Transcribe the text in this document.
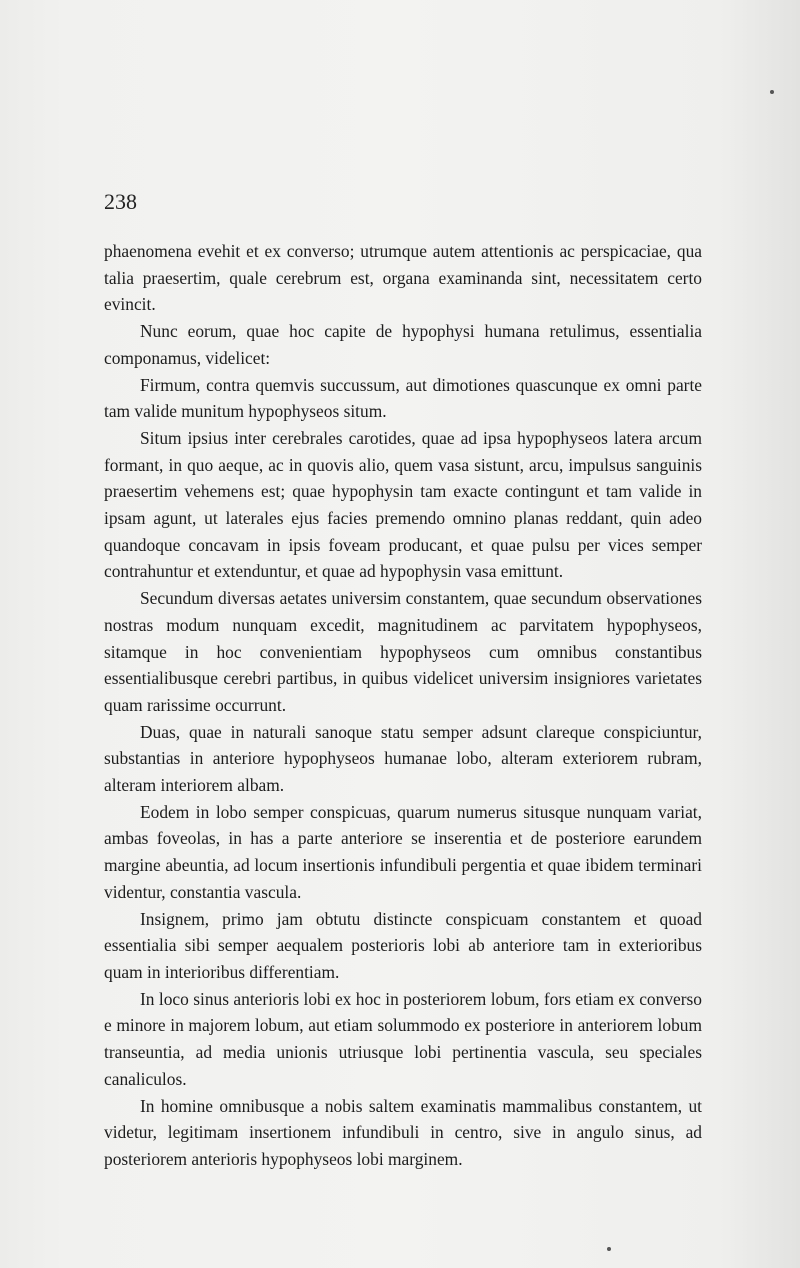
238

phaenomena evehit et ex converso; utrumque autem attentionis ac perspicaciae, qua talia praesertim, quale cerebrum est, organa examinanda sint, necessitatem certo evincit.

Nunc eorum, quae hoc capite de hypophysi humana retulimus, essentialia componamus, videlicet:

Firmum, contra quemvis succussum, aut dimotiones quascunque ex omni parte tam valide munitum hypophyseos situm.

Situm ipsius inter cerebrales carotides, quae ad ipsa hypophyseos latera arcum formant, in quo aeque, ac in quovis alio, quem vasa sistunt, arcu, impulsus sanguinis praesertim vehemens est; quae hypophysin tam exacte contingunt et tam valide in ipsam agunt, ut laterales ejus facies premendo omnino planas reddant, quin adeo quandoque concavam in ipsis foveam producant, et quae pulsu per vices semper contrahuntur et extenduntur, et quae ad hypophysin vasa emittunt.

Secundum diversas aetates universim constantem, quae secundum observationes nostras modum nunquam excedit, magnitudinem ac parvitatem hypophyseos, sitamque in hoc convenientiam hypophyseos cum omnibus constantibus essentialibusque cerebri partibus, in quibus videlicet universim insigniores varietates quam rarissime occurrunt.

Duas, quae in naturali sanoque statu semper adsunt clareque conspiciuntur, substantias in anteriore hypophyseos humanae lobo, alteram exteriorem rubram, alteram interiorem albam.

Eodem in lobo semper conspicuas, quarum numerus situsque nunquam variat, ambas foveolas, in has a parte anteriore se inserentia et de posteriore earundem margine abeuntia, ad locum insertionis infundibuli pergentia et quae ibidem terminari videntur, constantia vascula.

Insignem, primo jam obtutu distincte conspicuam constantem et quoad essentialia sibi semper aequalem posterioris lobi ab anteriore tam in exterioribus quam in interioribus differentiam.

In loco sinus anterioris lobi ex hoc in posteriorem lobum, fors etiam ex converso e minore in majorem lobum, aut etiam solummodo ex posteriore in anteriorem lobum transeuntia, ad media unionis utriusque lobi pertinentia vascula, seu speciales canaliculos.

In homine omnibusque a nobis saltem examinatis mammalibus constantem, ut videtur, legitimam insertionem infundibuli in centro, sive in angulo sinus, ad posteriorem anterioris hypophyseos lobi marginem.
